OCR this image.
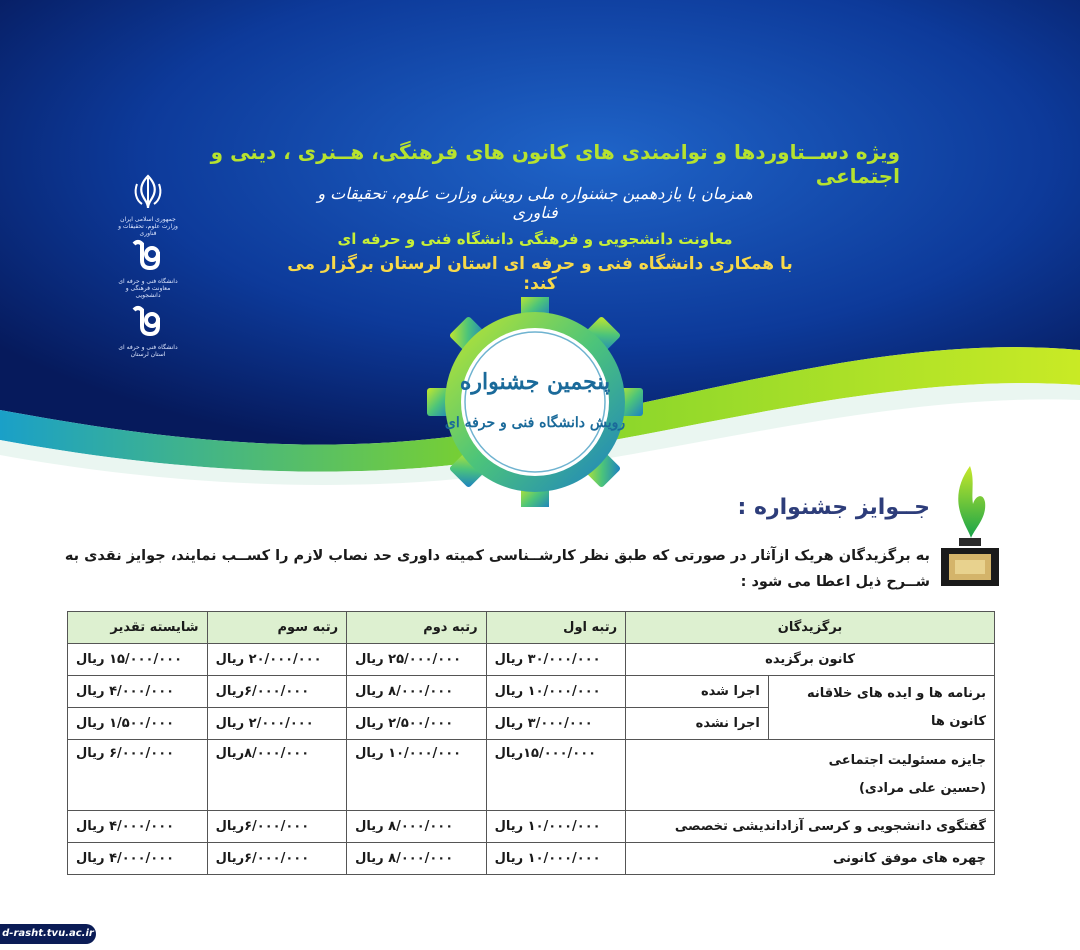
ویژه دســتاوردها و توانمندی های کانون های فرهنگی، هــنری ، دینی و اجتماعی
همزمان با یازدهمین جشنواره ملی رویش وزارت علوم، تحقیقات و فناوری
معاونت دانشجویی و فرهنگی دانشگاه فنی و حرفه ای
با همکاری دانشگاه فنی و حرفه ای استان لرستان برگزار می کند:
جمهوری اسلامی ایران وزارت علوم، تحقیقات و فناوری
دانشگاه فنی و حرفه ای معاونت فرهنگی و دانشجویی
دانشگاه فنی و حرفه ای استان لرستان
پنجمین جشنواره
رویش دانشگاه فنی و حرفه ای
جــوایز جشنواره :
به برگزیدگان هریک ازآثار در صورتی که طبق نظر کارشــناسی کمیته داوری حد نصاب لازم را کســب نمایند، جوایز نقدی به شــرح ذیل اعطا می شود :
برگزیدگان		رتبه اول	رتبه دوم	رتبه سوم	شایسته تقدیر
کانون برگزیده		۳۰/۰۰۰/۰۰۰ ریال	۲۵/۰۰۰/۰۰۰ ریال	۲۰/۰۰۰/۰۰۰ ریال	۱۵/۰۰۰/۰۰۰ ریال
برنامه ها و ایده های خلاقانه کانون ها	اجرا شده	۱۰/۰۰۰/۰۰۰ ریال	۸/۰۰۰/۰۰۰ ریال	۶/۰۰۰/۰۰۰ریال	۴/۰۰۰/۰۰۰ ریال
	اجرا نشده	۳/۰۰۰/۰۰۰ ریال	۲/۵۰۰/۰۰۰ ریال	۲/۰۰۰/۰۰۰ ریال	۱/۵۰۰/۰۰۰ ریال

جایزه مسئولیت اجتماعی
(حسین علی مرادی)		۱۵/۰۰۰/۰۰۰ریال	۱۰/۰۰۰/۰۰۰ ریال	۸/۰۰۰/۰۰۰ریال	۶/۰۰۰/۰۰۰ ریال
گفتگوی دانشجویی و کرسی آزاداندیشی تخصصی		۱۰/۰۰۰/۰۰۰ ریال	۸/۰۰۰/۰۰۰ ریال	۶/۰۰۰/۰۰۰ریال	۴/۰۰۰/۰۰۰ ریال
چهره های موفق کانونی		۱۰/۰۰۰/۰۰۰ ریال	۸/۰۰۰/۰۰۰ ریال	۶/۰۰۰/۰۰۰ریال	۴/۰۰۰/۰۰۰ ریال
d-rasht.tvu.ac.ir
